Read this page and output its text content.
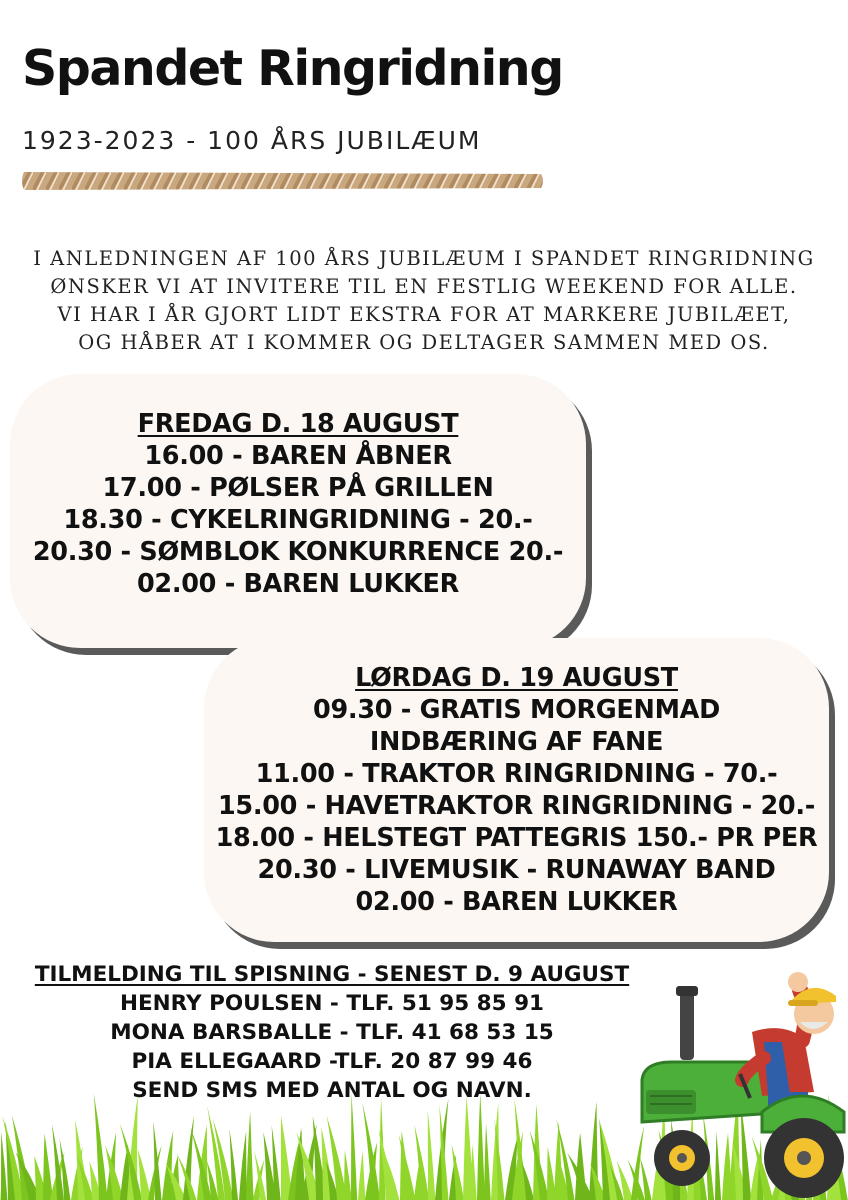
Spandet Ringridning
1923-2023 - 100 ÅRS JUBILÆUM
I ANLEDNINGEN AF 100 ÅRS JUBILÆUM I SPANDET RINGRIDNING
ØNSKER VI AT INVITERE TIL EN FESTLIG WEEKEND FOR ALLE.
VI HAR I ÅR GJORT LIDT EKSTRA FOR AT MARKERE JUBILÆET,
OG HÅBER AT I KOMMER OG DELTAGER SAMMEN MED OS.
FREDAG D. 18 AUGUST
16.00 - BAREN ÅBNER
17.00 - PØLSER PÅ GRILLEN
18.30 - CYKELRINGRIDNING - 20.-
20.30 - SØMBLOK KONKURRENCE 20.-
02.00 - BAREN LUKKER
LØRDAG D. 19 AUGUST
09.30 - GRATIS MORGENMAD
INDBÆRING AF FANE
11.00 - TRAKTOR RINGRIDNING - 70.-
15.00 - HAVETRAKTOR RINGRIDNING - 20.-
18.00 - HELSTEGT PATTEGRIS 150.- PR PER
20.30 - LIVEMUSIK - RUNAWAY BAND
02.00 - BAREN LUKKER
TILMELDING TIL SPISNING - SENEST D. 9 AUGUST
HENRY POULSEN - TLF. 51 95 85 91
MONA BARSBALLE - TLF. 41 68 53 15
PIA ELLEGAARD -TLF. 20 87 99 46
SEND SMS MED ANTAL OG NAVN.
